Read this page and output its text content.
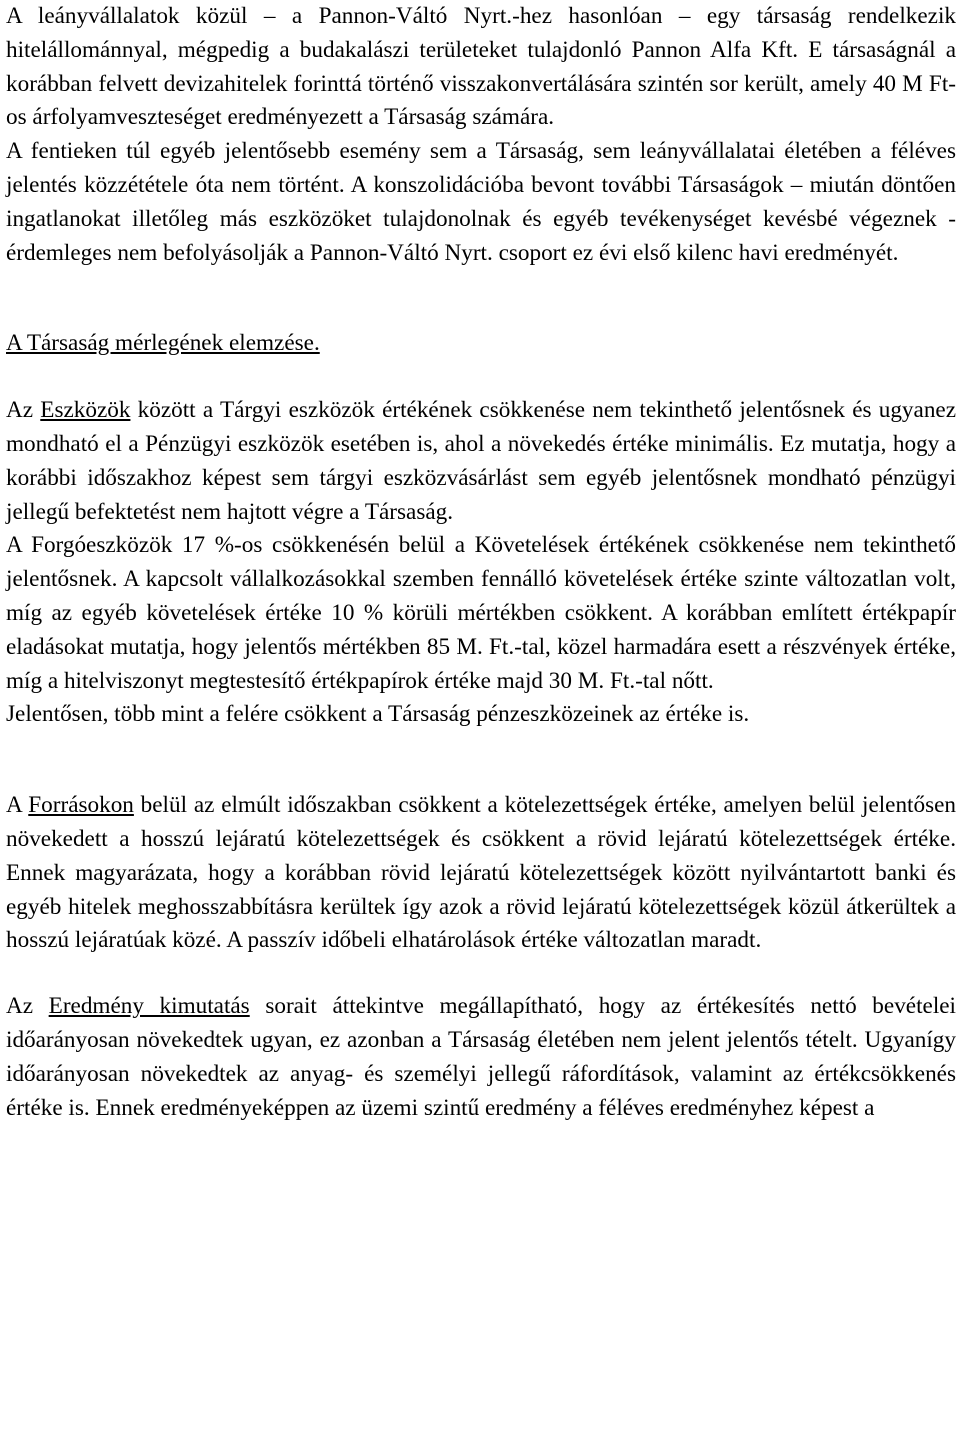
A leányvállalatok közül – a Pannon-Váltó Nyrt.-hez hasonlóan – egy társaság rendelkezik hitelállománnyal, mégpedig a budakalászi területeket tulajdonló Pannon Alfa Kft. E társaságnál a korábban felvett devizahitelek forinttá történő visszakonvertálására szintén sor került, amely 40 M Ft-os árfolyamveszteséget eredményezett a Társaság számára.

A fentieken túl egyéb jelentősebb esemény sem a Társaság, sem leányvállalatai életében a féléves jelentés közzététele óta nem történt. A konszolidációba bevont további Társaságok – miután döntően ingatlanokat illetőleg más eszközöket tulajdonolnak és egyéb tevékenységet kevésbé végeznek - érdemleges nem befolyásolják a Pannon-Váltó Nyrt. csoport ez évi első kilenc havi eredményét.

A Társaság mérlegének elemzése.

Az Eszközök között a Tárgyi eszközök értékének csökkenése nem tekinthető jelentősnek és ugyanez mondható el a Pénzügyi eszközök esetében is, ahol a növekedés értéke minimális. Ez mutatja, hogy a korábbi időszakhoz képest sem tárgyi eszközvásárlást sem egyéb jelentősnek mondható pénzügyi jellegű befektetést nem hajtott végre a Társaság.

A Forgóeszközök 17 %-os csökkenésén belül a Követelések értékének csökkenése nem tekinthető jelentősnek. A kapcsolt vállalkozásokkal szemben fennálló követelések értéke szinte változatlan volt, míg az egyéb követelések értéke 10 % körüli mértékben csökkent. A korábban említett értékpapír eladásokat mutatja, hogy jelentős mértékben 85 M. Ft.-tal, közel harmadára esett a részvények értéke, míg a hitelviszonyt megtestesítő értékpapírok értéke majd 30 M. Ft.-tal nőtt.

Jelentősen, több mint a felére csökkent a Társaság pénzeszközeinek az értéke is.

A Forrásokon belül az elmúlt időszakban csökkent a kötelezettségek értéke, amelyen belül jelentősen növekedett a hosszú lejáratú kötelezettségek és csökkent a rövid lejáratú kötelezettségek értéke. Ennek magyarázata, hogy a korábban rövid lejáratú kötelezettségek között nyilvántartott banki és egyéb hitelek meghosszabbításra kerültek így azok a rövid lejáratú kötelezettségek közül átkerültek a hosszú lejáratúak közé. A passzív időbeli elhatárolások értéke változatlan maradt.

Az Eredmény kimutatás sorait áttekintve megállapítható, hogy az értékesítés nettó bevételei időarányosan növekedtek ugyan, ez azonban a Társaság életében nem jelent jelentős tételt. Ugyanígy időarányosan növekedtek az anyag- és személyi jellegű ráfordítások, valamint az értékcsökkenés értéke is. Ennek eredményeképpen az üzemi szintű eredmény a féléves eredményhez képest a
